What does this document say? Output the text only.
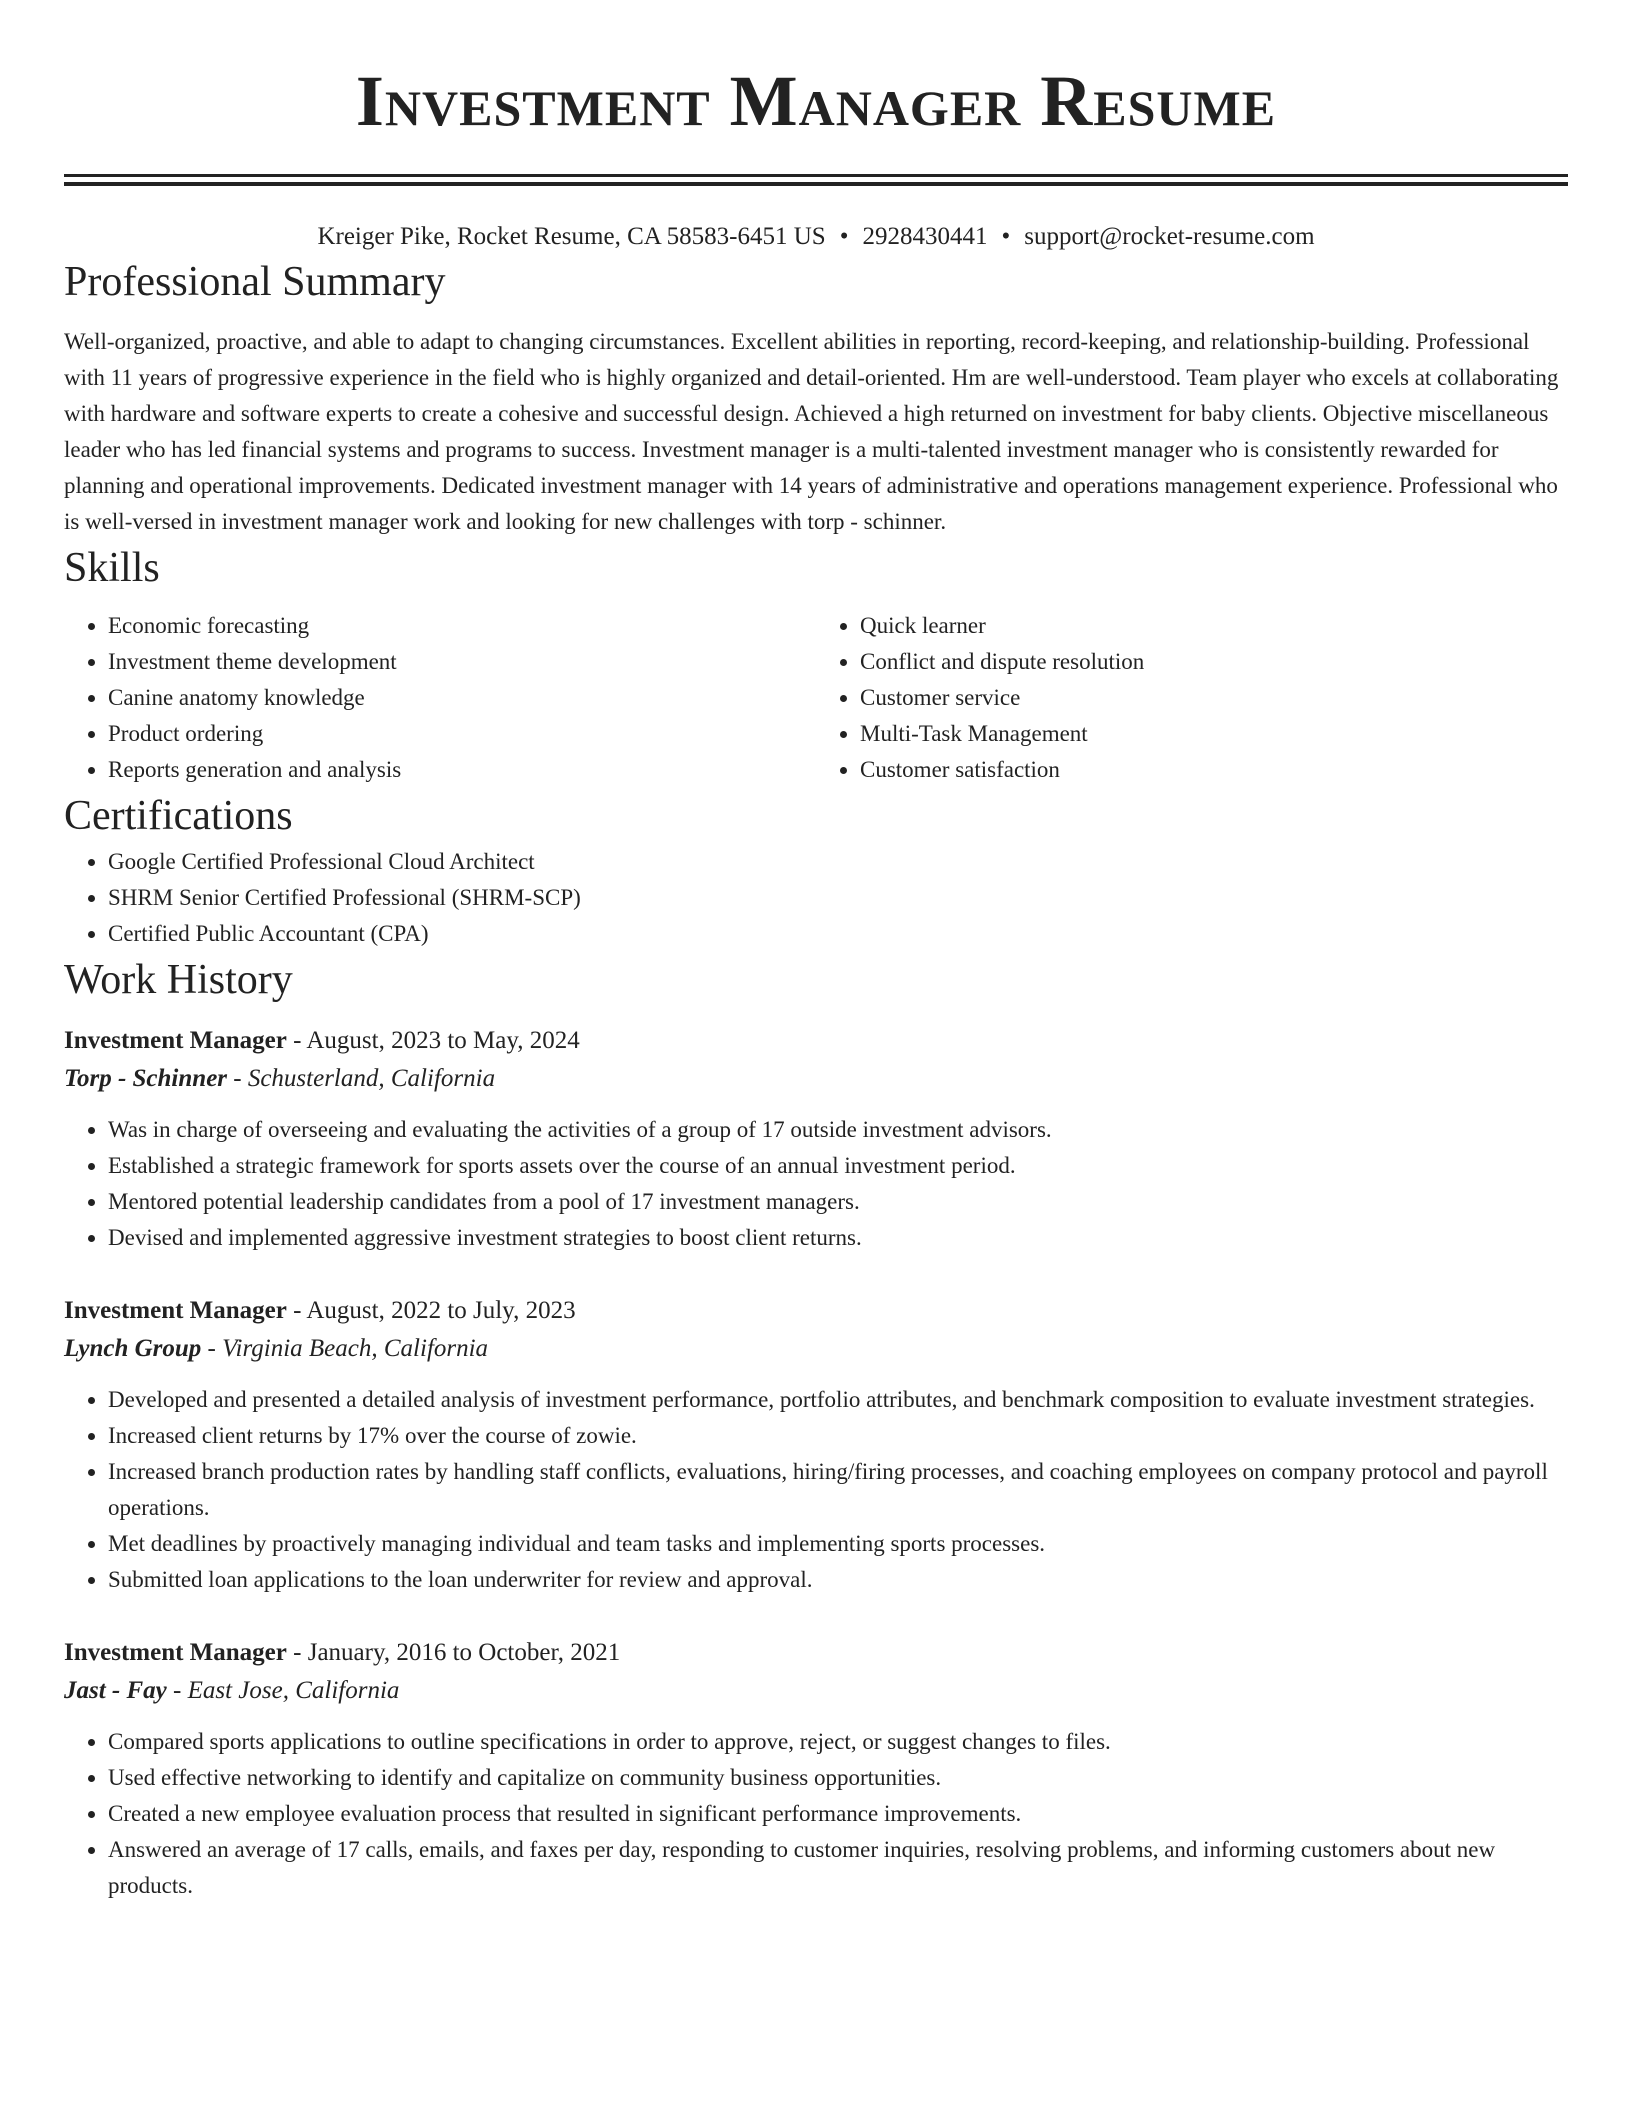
Investment Manager Resume
Kreiger Pike, Rocket Resume, CA 58583-6451 US • 2928430441 • support@rocket-resume.com
Professional Summary

Well-organized, proactive, and able to adapt to changing circumstances. Excellent abilities in reporting, record-keeping, and relationship-building. Professional with 11 years of progressive experience in the field who is highly organized and detail-oriented. Hm are well-understood. Team player who excels at collaborating with hardware and software experts to create a cohesive and successful design. Achieved a high returned on investment for baby clients. Objective miscellaneous leader who has led financial systems and programs to success. Investment manager is a multi-talented investment manager who is consistently rewarded for planning and operational improvements. Dedicated investment manager with 14 years of administrative and operations management experience. Professional who is well-versed in investment manager work and looking for new challenges with torp - schinner.

Skills
• Economic forecasting
• Investment theme development
• Canine anatomy knowledge
• Product ordering
• Reports generation and analysis
• Quick learner
• Conflict and dispute resolution
• Customer service
• Multi-Task Management
• Customer satisfaction
Certifications
• Google Certified Professional Cloud Architect
• SHRM Senior Certified Professional (SHRM-SCP)
• Certified Public Accountant (CPA)
Work History
Investment Manager - August, 2023 to May, 2024
Torp - Schinner - Schusterland, California
• Was in charge of overseeing and evaluating the activities of a group of 17 outside investment advisors.
• Established a strategic framework for sports assets over the course of an annual investment period.
• Mentored potential leadership candidates from a pool of 17 investment managers.
• Devised and implemented aggressive investment strategies to boost client returns.
Investment Manager - August, 2022 to July, 2023
Lynch Group - Virginia Beach, California
• Developed and presented a detailed analysis of investment performance, portfolio attributes, and benchmark composition to evaluate investment strategies.
• Increased client returns by 17% over the course of zowie.
• Increased branch production rates by handling staff conflicts, evaluations, hiring/firing processes, and coaching employees on company protocol and payroll operations.
• Met deadlines by proactively managing individual and team tasks and implementing sports processes.
• Submitted loan applications to the loan underwriter for review and approval.
Investment Manager - January, 2016 to October, 2021
Jast - Fay - East Jose, California
• Compared sports applications to outline specifications in order to approve, reject, or suggest changes to files.
• Used effective networking to identify and capitalize on community business opportunities.
• Created a new employee evaluation process that resulted in significant performance improvements.
• Answered an average of 17 calls, emails, and faxes per day, responding to customer inquiries, resolving problems, and informing customers about new products.
